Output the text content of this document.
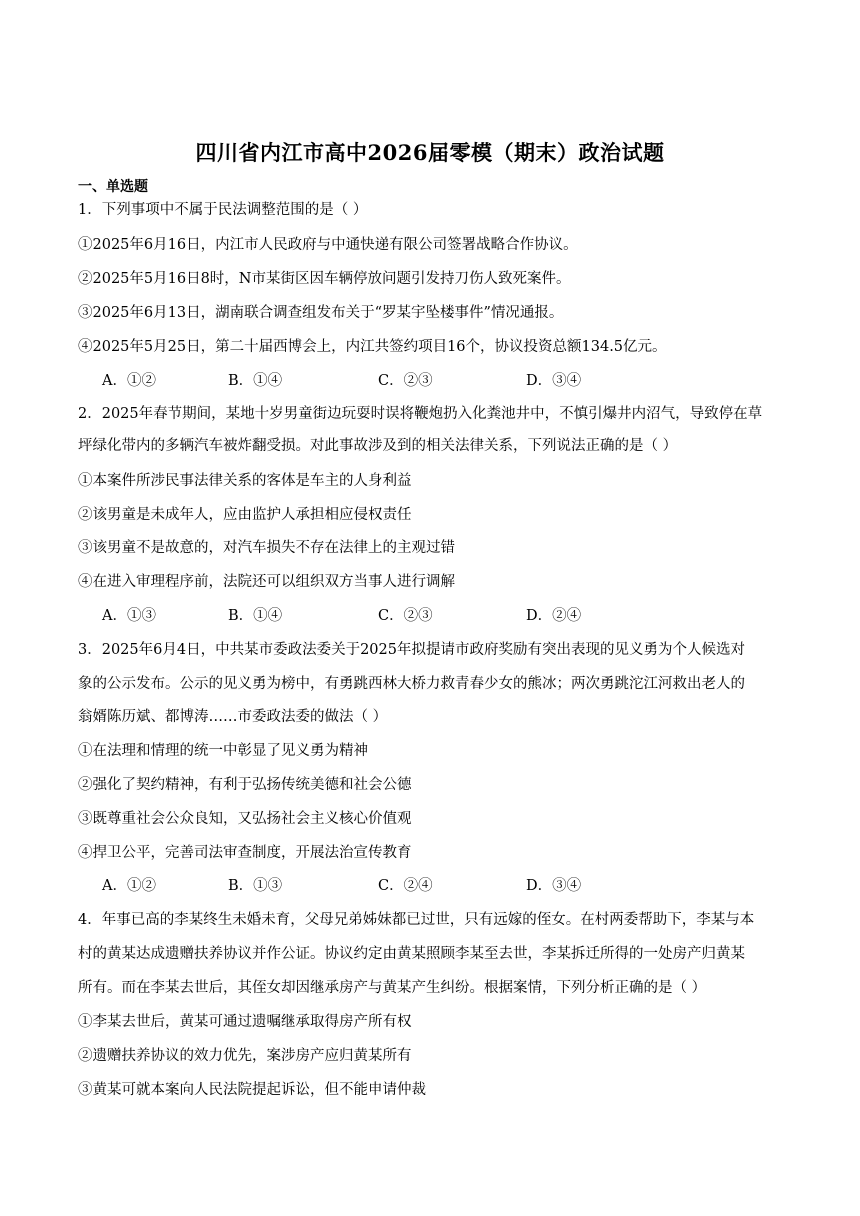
四川省内江市高中2026届零模（期末）政治试题
一、单选题
1．下列事项中不属于民法调整范围的是（ ）
①2025年6月16日，内江市人民政府与中通快递有限公司签署战略合作协议。
②2025年5月16日8时，N市某街区因车辆停放问题引发持刀伤人致死案件。
③2025年6月13日，湖南联合调查组发布关于“罗某宇坠楼事件”情况通报。
④2025年5月25日，第二十届西博会上，内江共签约项目16个，协议投资总额134.5亿元。
A．①②	B．①④	C．②③	D．③④
2．2025年春节期间，某地十岁男童街边玩耍时误将鞭炮扔入化粪池井中，不慎引爆井内沼气，导致停在草
坪绿化带内的多辆汽车被炸翻受损。对此事故涉及到的相关法律关系，下列说法正确的是（ ）
①本案件所涉民事法律关系的客体是车主的人身利益
②该男童是未成年人，应由监护人承担相应侵权责任
③该男童不是故意的，对汽车损失不存在法律上的主观过错
④在进入审理程序前，法院还可以组织双方当事人进行调解
A．①③	B．①④	C．②③	D．②④
3．2025年6月4日，中共某市委政法委关于2025年拟提请市政府奖励有突出表现的见义勇为个人候选对
象的公示发布。公示的见义勇为榜中，有勇跳西林大桥力救青春少女的熊冰；两次勇跳沱江河救出老人的
翁婿陈历斌、都博涛……市委政法委的做法（ ）
①在法理和情理的统一中彰显了见义勇为精神
②强化了契约精神，有利于弘扬传统美德和社会公德
③既尊重社会公众良知，又弘扬社会主义核心价值观
④捍卫公平，完善司法审查制度，开展法治宣传教育
A．①②	B．①③	C．②④	D．③④
4．年事已高的李某终生未婚未育，父母兄弟姊妹都已过世，只有远嫁的侄女。在村两委帮助下，李某与本
村的黄某达成遗赠扶养协议并作公证。协议约定由黄某照顾李某至去世，李某拆迁所得的一处房产归黄某
所有。而在李某去世后，其侄女却因继承房产与黄某产生纠纷。根据案情，下列分析正确的是（ ）
①李某去世后，黄某可通过遗嘱继承取得房产所有权
②遗赠扶养协议的效力优先，案涉房产应归黄某所有
③黄某可就本案向人民法院提起诉讼，但不能申请仲裁
